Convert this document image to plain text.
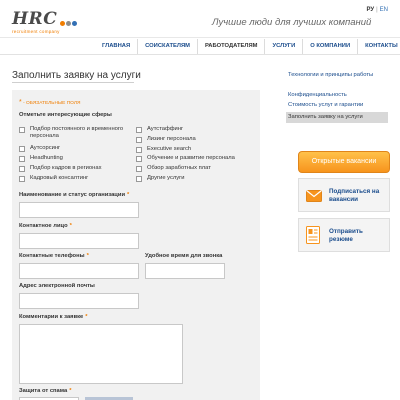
HRC
recruitment company
Лучшие люди для лучших компаний
РУ | EN
ГЛАВНАЯ	СОИСКАТЕЛЯМ	РАБОТОДАТЕЛЯМ	УСЛУГИ	О КОМПАНИИ	КОНТАКТЫ
Заполнить заявку на услуги
* - ОБЯЗАТЕЛЬНЫЕ ПОЛЯ
Отметьте интересующие сферы
Подбор постоянного и временного персонала
Аутсорсинг
Headhunting
Подбор кадров в регионах
Кадровый консалтинг
Аутстаффинг
Лизинг персонала
Executive search
Обучение и развитие персонала
Обзор заработных плат
Другие услуги
Наименование и статус организации *
Контактное лицо *
Контактные телефоны *	Удобное время для звонка
Адрес электронной почты
Комментарии к заявке *
Защита от спама *
Технологии и принципы работы
Конфиденциальность
Стоимость услуг и гарантии
Заполнить заявку на услуги
Открытые вакансии
Подписаться на вакансии
Отправить резюме
